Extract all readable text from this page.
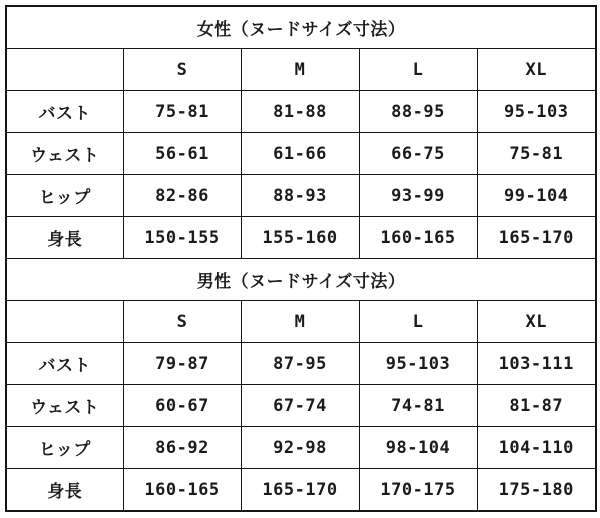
女性（ヌードサイズ寸法）				
	S	M	L	XL
バスト	75-81	81-88	88-95	95-103
ウェスト	56-61	61-66	66-75	75-81
ヒップ	82-86	88-93	93-99	99-104
身長	150-155	155-160	160-165	165-170
男性（ヌードサイズ寸法）				
	S	M	L	XL
バスト	79-87	87-95	95-103	103-111
ウェスト	60-67	67-74	74-81	81-87
ヒップ	86-92	92-98	98-104	104-110
身長	160-165	165-170	170-175	175-180
